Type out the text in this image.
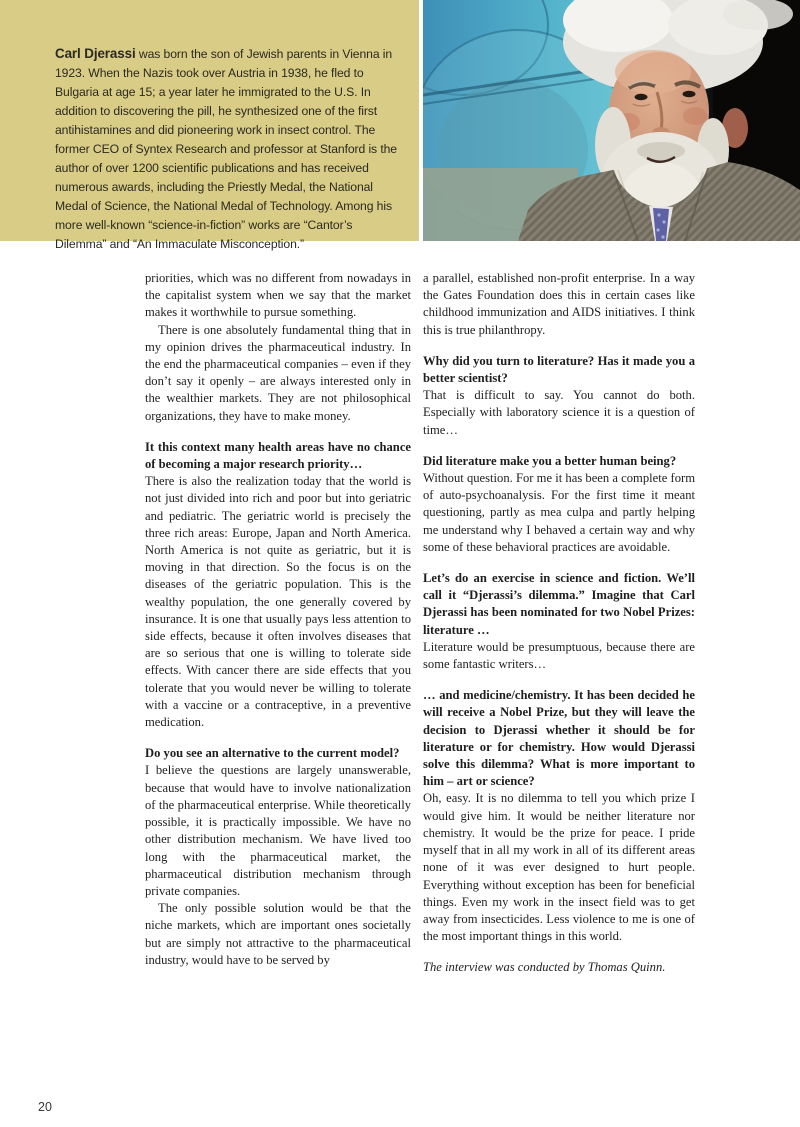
Carl Djerassi was born the son of Jewish parents in Vienna in 1923. When the Nazis took over Austria in 1938, he fled to Bulgaria at age 15; a year later he immigrated to the U.S. In addition to discovering the pill, he synthesized one of the first antihistamines and did pioneering work in insect control. The former CEO of Syntex Research and professor at Stanford is the author of over 1200 scientific publications and has received numerous awards, including the Priestly Medal, the National Medal of Science, the National Medal of Technology. Among his more well-known “science-in-fiction” works are “Cantor’s Dilemma” and “An Immaculate Misconception.”

priorities, which was no different from nowadays in the capitalist system when we say that the market makes it worthwhile to pursue something.

There is one absolutely fundamental thing that in my opinion drives the pharmaceutical industry. In the end the pharmaceutical companies – even if they don’t say it openly – are always interested only in the wealthier markets. They are not philosophical organizations, they have to make money.

It this context many health areas have no chance of becoming a major research priority…

There is also the realization today that the world is not just divided into rich and poor but into geriatric and pediatric. The geriatric world is precisely the three rich areas: Europe, Japan and North America. North America is not quite as geriatric, but it is moving in that direction. So the focus is on the diseases of the geriatric population. This is the wealthy population, the one generally covered by insurance. It is one that usually pays less attention to side effects, because it often involves diseases that are so serious that one is willing to tolerate side effects. With cancer there are side effects that you tolerate that you would never be willing to tolerate with a vaccine or a contraceptive, in a preventive medication.

Do you see an alternative to the current model?

I believe the questions are largely unanswerable, because that would have to involve nationalization of the pharmaceutical enterprise. While theoretically possible, it is practically impossible. We have no other distribution mechanism. We have lived too long with the pharmaceutical market, the pharmaceutical distribution mechanism through private companies.

The only possible solution would be that the niche markets, which are important ones societally but are simply not attractive to the pharmaceutical industry, would have to be served by

a parallel, established non-profit enterprise. In a way the Gates Foundation does this in certain cases like childhood immunization and AIDS initiatives. I think this is true philanthropy.

Why did you turn to literature? Has it made you a better scientist?

That is difficult to say. You cannot do both. Especially with laboratory science it is a question of time…

Did literature make you a better human being?

Without question. For me it has been a complete form of auto-psychoanalysis. For the first time it meant questioning, partly as mea culpa and partly helping me understand why I behaved a certain way and why some of these behavioral practices are avoidable.

Let’s do an exercise in science and fiction. We’ll call it “Djerassi’s dilemma.” Imagine that Carl Djerassi has been nominated for two Nobel Prizes: literature …

Literature would be presumptuous, because there are some fantastic writers…

… and medicine/chemistry. It has been decided he will receive a Nobel Prize, but they will leave the decision to Djerassi whether it should be for literature or for chemistry. How would Djerassi solve this dilemma? What is more important to him – art or science?

Oh, easy. It is no dilemma to tell you which prize I would give him. It would be neither literature nor chemistry. It would be the prize for peace. I pride myself that in all my work in all of its different areas none of it was ever designed to hurt people. Everything without exception has been for beneficial things. Even my work in the insect field was to get away from insecticides. Less violence to me is one of the most important things in this world.

The interview was conducted by Thomas Quinn.

20
